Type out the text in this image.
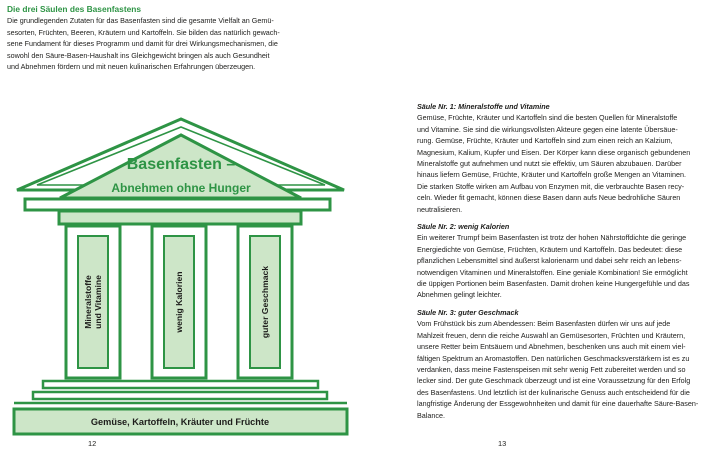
Die drei Säulen des Basenfastens

Die grundlegenden Zutaten für das Basenfasten sind die gesamte Vielfalt an Gemü-
sesorten, Früchten, Beeren, Kräutern und Kartoffeln. Sie bilden das natürlich gewach-
sene Fundament für dieses Programm und damit für drei Wirkungsmechanismen, die
sowohl den Säure-Basen-Haushalt ins Gleichgewicht bringen als auch Gesundheit
und Abnehmen fördern und mit neuen kulinarischen Erfahrungen überzeugen.

Basenfasten –
Abnehmen ohne Hunger
Mineralstoffe und Vitamine	wenig Kalorien	guter Geschmack
Gemüse, Kartoffeln, Kräuter und Früchte

12

Säule Nr. 1: Mineralstoffe und Vitamine

Gemüse, Früchte, Kräuter und Kartoffeln sind die besten Quellen für Mineralstoffe
und Vitamine. Sie sind die wirkungsvollsten Akteure gegen eine latente Übersäue-
rung. Gemüse, Früchte, Kräuter und Kartoffeln sind zum einen reich an Kalzium,
Magnesium, Kalium, Kupfer und Eisen. Der Körper kann diese organisch gebundenen
Mineralstoffe gut aufnehmen und nutzt sie effektiv, um Säuren abzubauen. Darüber
hinaus liefern Gemüse, Früchte, Kräuter und Kartoffeln große Mengen an Vitaminen.
Die starken Stoffe wirken am Aufbau von Enzymen mit, die verbrauchte Basen recy-
celn. Wieder fit gemacht, können diese Basen dann aufs Neue bedrohliche Säuren
neutralisieren.

Säule Nr. 2: wenig Kalorien

Ein weiterer Trumpf beim Basenfasten ist trotz der hohen Nährstoffdichte die geringe
Energiedichte von Gemüse, Früchten, Kräutern und Kartoffeln. Das bedeutet: diese
pflanzlichen Lebensmittel sind äußerst kalorienarm und dabei sehr reich an lebens-
notwendigen Vitaminen und Mineralstoffen. Eine geniale Kombination! Sie ermöglicht
die üppigen Portionen beim Basenfasten. Damit drohen keine Hungergefühle und das
Abnehmen gelingt leichter.

Säule Nr. 3: guter Geschmack

Vom Frühstück bis zum Abendessen: Beim Basenfasten dürfen wir uns auf jede
Mahlzeit freuen, denn die reiche Auswahl an Gemüsesorten, Früchten und Kräutern,
unsere Retter beim Entsäuern und Abnehmen, beschenken uns auch mit einem viel-
fältigen Spektrum an Aromastoffen. Den natürlichen Geschmacksverstärkern ist es zu
verdanken, dass meine Fastenspeisen mit sehr wenig Fett zubereitet werden und so
lecker sind. Der gute Geschmack überzeugt und ist eine Voraussetzung für den Erfolg
des Basenfastens. Und letztlich ist der kulinarische Genuss auch entscheidend für die
langfristige Änderung der Essgewohnheiten und damit für eine dauerhafte Säure-Basen-
Balance.

13
